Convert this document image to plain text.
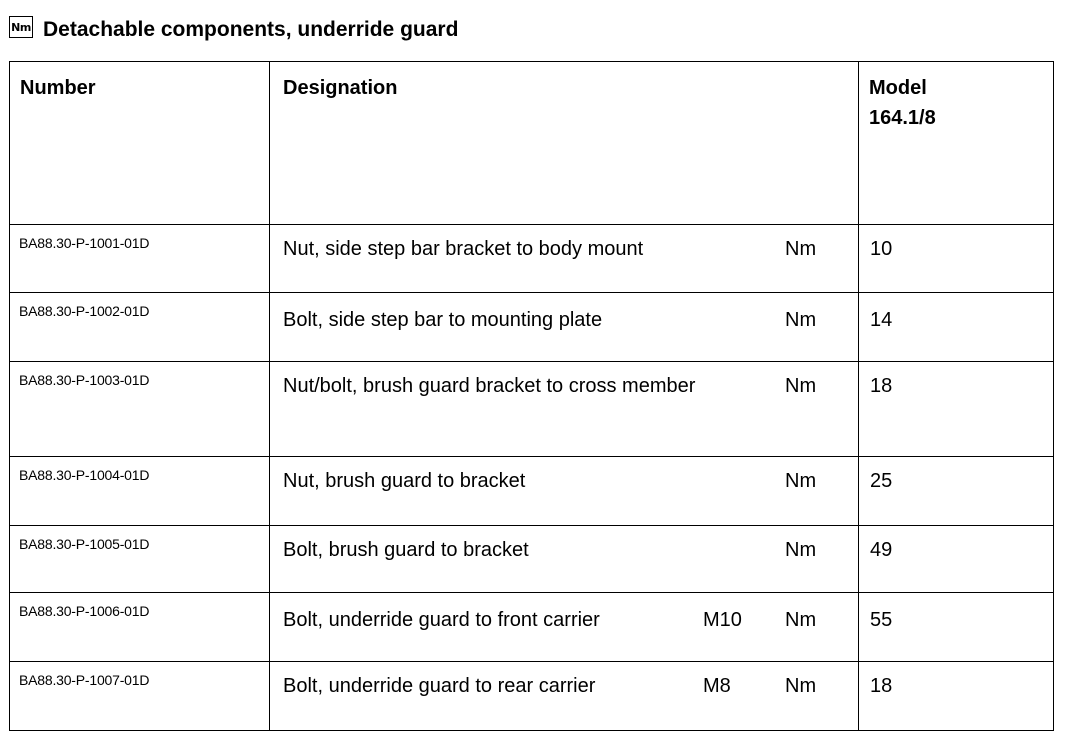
Nm Detachable components, underride guard
Number	Designation	Model
164.1/8

BA88.30-P-1001-01D	Nut, side step bar bracket to body mount Nm	10

BA88.30-P-1002-01D	Bolt, side step bar to mounting plate Nm	14

BA88.30-P-1003-01D	Nut/bolt, brush guard bracket to cross member Nm	18

BA88.30-P-1004-01D	Nut, brush guard to bracket Nm	25

BA88.30-P-1005-01D	Bolt, brush guard to bracket Nm	49

BA88.30-P-1006-01D	Bolt, underride guard to front carrier M10 Nm	55

BA88.30-P-1007-01D	Bolt, underride guard to rear carrier M8 Nm	18
